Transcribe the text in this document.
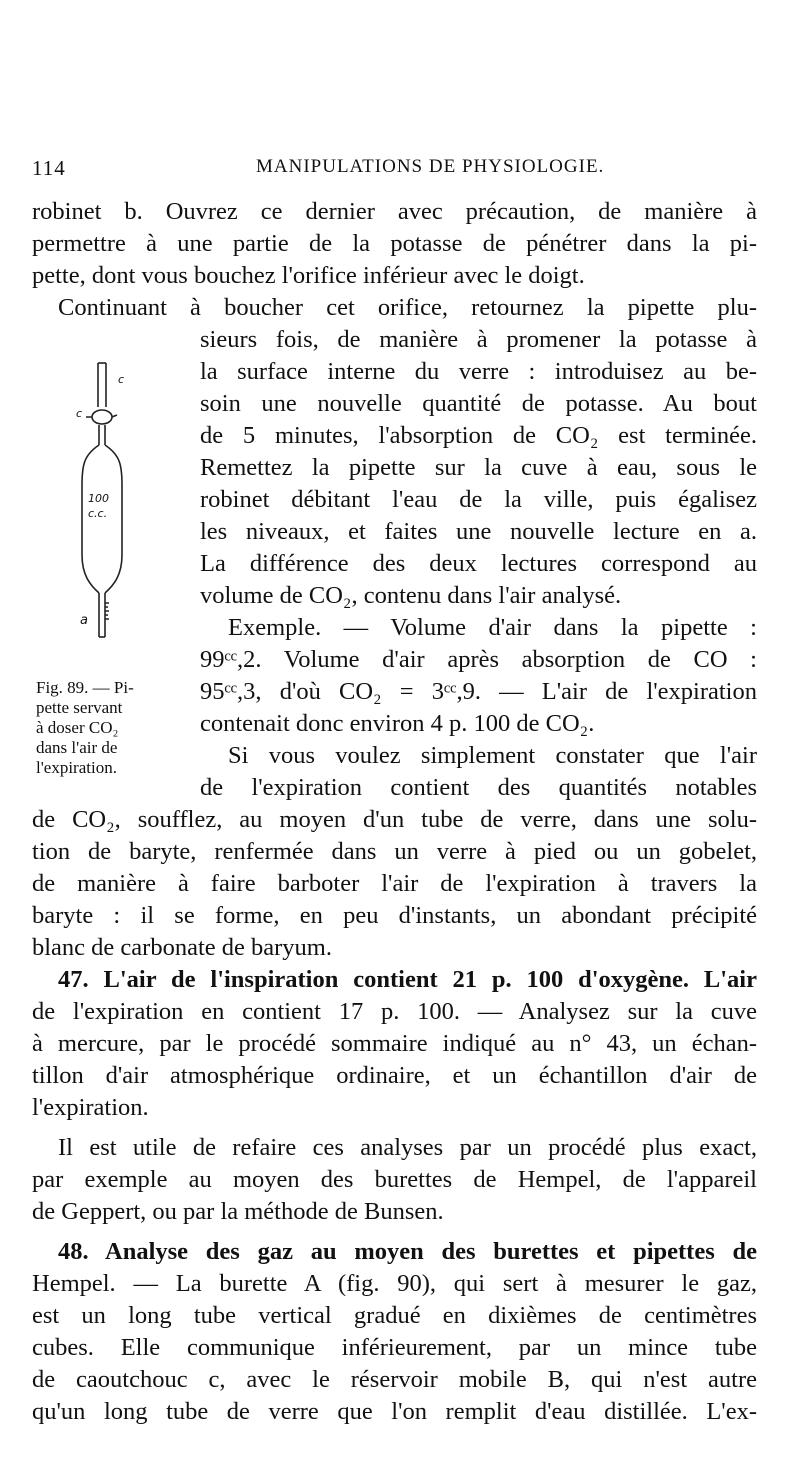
114	MANIPULATIONS DE PHYSIOLOGIE.
c
c
100
c.c.
a
Fig. 89. — Pi-
pette servant
à doser CO₂
dans l'air de
l'expiration.
robinet b. Ouvrez ce dernier avec précaution, de manière à
permettre à une partie de la potasse de pénétrer dans la pi-
pette, dont vous bouchez l'orifice inférieur avec le doigt.
Continuant à boucher cet orifice, retournez la pipette plu-
sieurs fois, de manière à promener la potasse à
la surface interne du verre : introduisez au be-
soin une nouvelle quantité de potasse. Au bout
de 5 minutes, l'absorption de CO₂ est terminée.
Remettez la pipette sur la cuve à eau, sous le
robinet débitant l'eau de la ville, puis égalisez
les niveaux, et faites une nouvelle lecture en a.
La différence des deux lectures correspond au
volume de CO₂, contenu dans l'air analysé.
Exemple. — Volume d'air dans la pipette :
99ᶜᶜ,2. Volume d'air après absorption de CO :
95ᶜᶜ,3, d'où CO₂ = 3ᶜᶜ,9. — L'air de l'expiration
contenait donc environ 4 p. 100 de CO₂.
Si vous voulez simplement constater que l'air
de l'expiration contient des quantités notables
de CO₂, soufflez, au moyen d'un tube de verre, dans une solu-
tion de baryte, renfermée dans un verre à pied ou un gobelet,
de manière à faire barboter l'air de l'expiration à travers la
baryte : il se forme, en peu d'instants, un abondant précipité
blanc de carbonate de baryum.
47. L'air de l'inspiration contient 21 p. 100 d'oxygène. L'air
de l'expiration en contient 17 p. 100. — Analysez sur la cuve
à mercure, par le procédé sommaire indiqué au n° 43, un échan-
tillon d'air atmosphérique ordinaire, et un échantillon d'air de
l'expiration.
Il est utile de refaire ces analyses par un procédé plus exact,
par exemple au moyen des burettes de Hempel, de l'appareil
de Geppert, ou par la méthode de Bunsen.
48. Analyse des gaz au moyen des burettes et pipettes de
Hempel. — La burette A (fig. 90), qui sert à mesurer le gaz,
est un long tube vertical gradué en dixièmes de centimètres
cubes. Elle communique inférieurement, par un mince tube
de caoutchouc c, avec le réservoir mobile B, qui n'est autre
qu'un long tube de verre que l'on remplit d'eau distillée. L'ex-
